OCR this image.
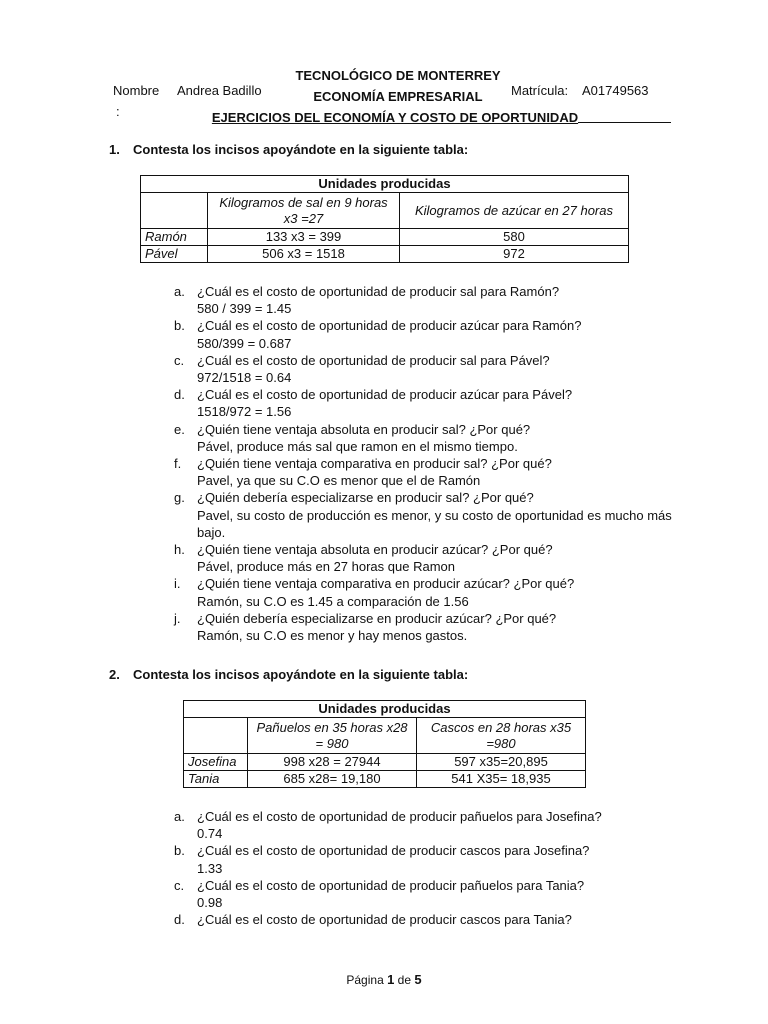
Nombre
:
Andrea Badillo
TECNOLÓGICO DE MONTERREY
ECONOMÍA EMPRESARIAL
EJERCICIOS DEL ECONOMÍA Y COSTO DE OPORTUNIDAD
Matrícula: A01749563
1. Contesta los incisos apoyándote en la siguiente tabla:
Unidades producidas		
	Kilogramos de sal en 9 horas x3 =27	Kilogramos de azúcar en 27 horas
Ramón	133 x3 = 399	580
Pável	506 x3 = 1518	972
a. ¿Cuál es el costo de oportunidad de producir sal para Ramón?
580 / 399 = 1.45
b. ¿Cuál es el costo de oportunidad de producir azúcar para Ramón?
580/399 = 0.687
c. ¿Cuál es el costo de oportunidad de producir sal para Pável?
972/1518 = 0.64
d. ¿Cuál es el costo de oportunidad de producir azúcar para Pável?
1518/972 = 1.56
e. ¿Quién tiene ventaja absoluta en producir sal? ¿Por qué?
Pável, produce más sal que ramon en el mismo tiempo.
f.	¿Quién tiene ventaja comparativa en producir sal? ¿Por qué?
Pavel, ya que su C.O es menor que el de Ramón
g. ¿Quién debería especializarse en producir sal? ¿Por qué?
Pavel, su costo de producción es menor, y su costo de oportunidad es mucho más
bajo.
h. ¿Quién tiene ventaja absoluta en producir azúcar? ¿Por qué?
Pável, produce más en 27 horas que Ramon
i.	¿Quién tiene ventaja comparativa en producir azúcar? ¿Por qué?
Ramón, su C.O es 1.45 a comparación de 1.56
j.	¿Quién debería especializarse en producir azúcar? ¿Por qué?
Ramón, su C.O es menor y hay menos gastos.
2. Contesta los incisos apoyándote en la siguiente tabla:
Unidades producidas		
	Pañuelos en 35 horas x28 = 980	Cascos en 28 horas x35 =980
Josefina	998 x28 = 27944	597 x35=20,895
Tania	685 x28= 19,180	541 X35= 18,935
a. ¿Cuál es el costo de oportunidad de producir pañuelos para Josefina?
0.74
b. ¿Cuál es el costo de oportunidad de producir cascos para Josefina?
1.33
c. ¿Cuál es el costo de oportunidad de producir pañuelos para Tania?
0.98
d. ¿Cuál es el costo de oportunidad de producir cascos para Tania?
Página 1 de 5
